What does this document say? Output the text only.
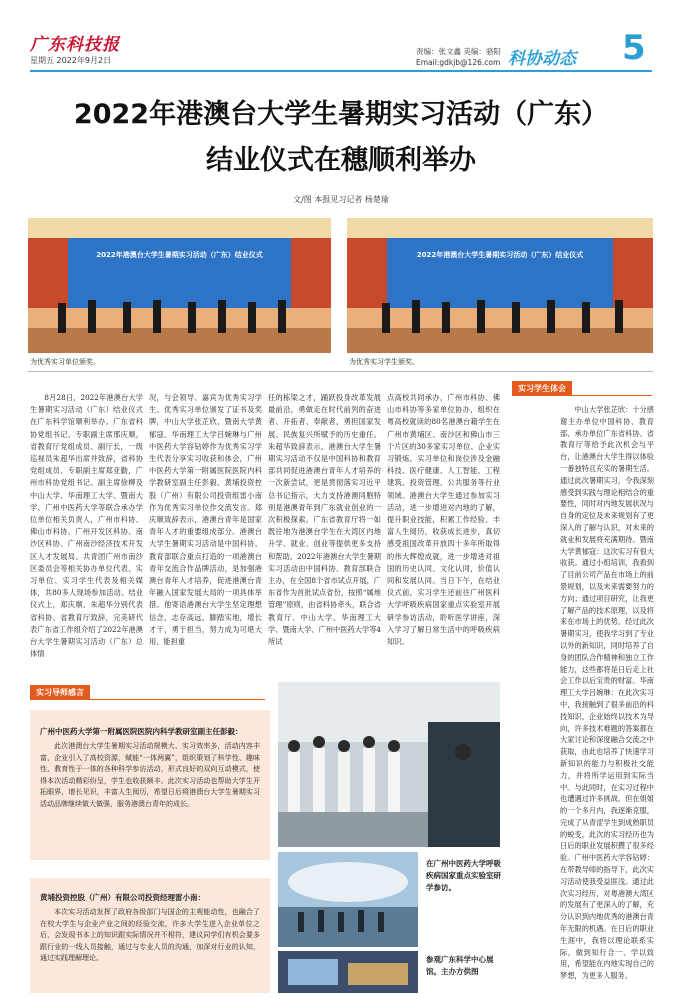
广东科技报
星期五 2022年9月2日
责编：张文鑫 美编：骆阳
Email:gdkjb@126.com 科协动态 5
2022年港澳台大学生暑期实习活动（广东）
结业仪式在穗顺利举办
文/图 本报见习记者 杨楚瑜
2022年港澳台大学生暑期实习活动（广东）结业仪式
为优秀实习单位颁奖。
2022年港澳台大学生暑期实习活动（广东）结业仪式
为优秀实习学生颁奖。

8月28日，2022年港澳台大学生暑期实习活动（广东）结业仪式在广东科学馆顺利举办。广东省科协党组书记、专职副主席邢庆顺，省教育厅党组成员、副厅长，一级巡视员朱超华出席并致辞，省科协党组成员、专职副主席郑亚勤，广州市科协党组书记、副主席徐柳及中山大学、华南理工大学、暨南大学、广州中医药大学等联合承办学位单位相关负责人，广州市科协、佛山市科协、广州开发区科协、南沙区科协、广州南沙经济技术开发区人才发展局、共青团广州市南沙区委员会等相关协办单位代表、实习单位、实习学生代表及相关媒体，共80多人现场参加活动。结业仪式上，郑庆顺、朱超华分别代表省科协、省教育厅致辞，完美研代表广东省工作组介绍了2022年港澳台大学生暑期实习活动（广东）总体情

况，与会领导、嘉宾为优秀实习学生、优秀实习单位颁发了证书及奖牌，中山大学张芷欣、暨南大学黄郁寇、华南理工大学吕婉琳与广州中医药大学容钻婷作为优秀实习学生代表分享实习收获和体会，广州中医药大学第一附属医院医院内科学教研室副主任彭毅、黄埔投资控股（广州）有限公司投资组雷小南作为优秀实习单位作交流发言。郑庆顺致辞表示，港澳台青年是国家青年人才的重要组成部分。港澳台大学生暑期实习活动是中国科协、教育部联合重点打造的一项港澳台青年交流合作品牌活动，是加强港澳台青年人才培养，促进港澳台青年融入国家发展大局的一项具体举措。他寄语港澳台大学生坚定理想信念，志存高远，脚踏实地，增长才干，勇于担当，努力成为可堪大用、能担重

任的栋梁之才，踊跃投身改革发展最前沿，勇做走在时代前列的奋进者、开拓者、奉献者，勇担国家发展、民族复兴所赋予的历史重任。朱超华致辞表示，港澳台大学生暑期实习活动不仅是中国科协和教育部共同促进港澳台青年人才培养的一次新尝试，更是贯彻落实习近平总书记指示，大力支持港澳同胞特别是港澳青年到广东就业创业的一次积极探索。广东省教育厅将一如既往地为港澳台学生在大湾区内地升学、就业、创业等提供更多支持和帮助。2022年港澳台大学生暑期实习活动由中国科协、教育部联合主办，在全国8个省市试点开展，广东省作为首批试点省份，按照“属地管理”原则，由省科协牵头，联合省教育厅、中山大学、华南理工大学、暨南大学、广州中医药大学等4所试

点高校共同承办，广州市科协、佛山市科协等多家单位协办，组织在粤高校就读的80名港澳台籍学生在广州市黄埔区、南沙区和佛山市三个片区的30多家实习单位、企业实习锻炼，实习单位和岗位涉及金融科技、医疗健康、人工智能、工程建筑、投资管理、公共服务等行业领域。港澳台大学生通过参加实习活动，进一步增进对内地的了解，提升职业技能，积累工作经验、丰富人生阅历，收获成长进步，真切感受祖国改革开放四十多年所取得的伟大辉煌成就，进一步增进对祖国的历史认同、文化认同，价值认同和发展认同。当日下午，在结业仪式前，实习学生还前往广州医科大学呼吸疾病国家重点实验室开展研学参访活动，聆听医学讲座，深入学习了解日常生活中的呼吸疾病知识。

实习学生体会

中山大学张芷欣：十分感谢主办单位中国科协、教育部、承办单位广东省科协、省教育厅等给予此次机会与平台，让港澳台大学生得以体验一番独特且充实的暑期生活。通过此次暑期实习，令我深刻感受到实践与理论相结合的重要性，同时对内地发展状况与自身的定位及未来规划有了更深入的了解与认识，对未来的就业和发展将充满期待。暨南大学黄郁寇：这次实习有很大收获。通过小组培训，我看到了目前公司产品在市场上的前景规划，以及未来需要努力的方向；通过项目研究，让我更了解产品的技术原理，以及将来在市场上的优势。经过此次暑期实习，使我学习到了专业以外的新知识，同时培养了自身的团队合作精神和独立工作能力，这些都将是日后走上社会工作以后宝贵的财富。华南理工大学吕婉琳：在此次实习中，我接触到了很多前沿的科技知识，企业始终以技术为导向，许多技术难题的答案都在大家讨论和深度融合交流之中获取，由此也培养了快速学习新知识的能力与积极社交能力，并将所学运用到实际当中。与此同时，在实习过程中也遭遇过许多挑战，但在姐姐的一个多月内，我逐渐克服，完成了从青涩学生到成熟职员的蜕变，此次的实习经历也为日后的职业发展积攒了很多经验。广州中医药大学容钻婷：在带教导师的指导下，此次实习活动使我受益匪浅。通过此次实习经历，对粤港澳大湾区的发展有了更深入的了解，充分认识到内地优秀的港澳台青年无限的机遇。在日后的职业生涯中，我将以理论联系实际，做到知行合一、学以致用，希望能在内地实现自己的梦想，为更多人服务。

实习导师感言
广州中医药大学第一附属医院医院内科学教研室副主任彭毅：
此次港澳台大学生暑期实习活动规模大、实习效率多，活动内容丰富，企业引入了高校资源，赋能“一体两翼”，组织策划了科学性、趣味性、教育性于一体的各种科学参访活动，形式良好的双向互动模式，使得本次活动精彩纷呈，学生也收获颇丰。此次实习活动也帮助大学生开拓眼界，增长见识，丰富人生阅历，希望日后将港澳台大学生暑期实习活动品牌继续做大做强，服务港澳台青年的成长。
黄埔投资控股（广州）有限公司投资经理雷小南：
本次实习活动发挥了政府各级部门与国企的主观能动性，也融合了在校大学生与企业产业之间的经验交流，许多大学生进入企业单位之后，会发现书本上的知识跟实际情况并不相符，建议同学们有机会要多跟行业的一线人员接触，通过与专业人员的沟通，加深对行业的认知，通过实践理解理论。
在广州中医药大学呼吸疾病国家重点实验室研学参访。
参观广东科学中心展馆。主办方供图
